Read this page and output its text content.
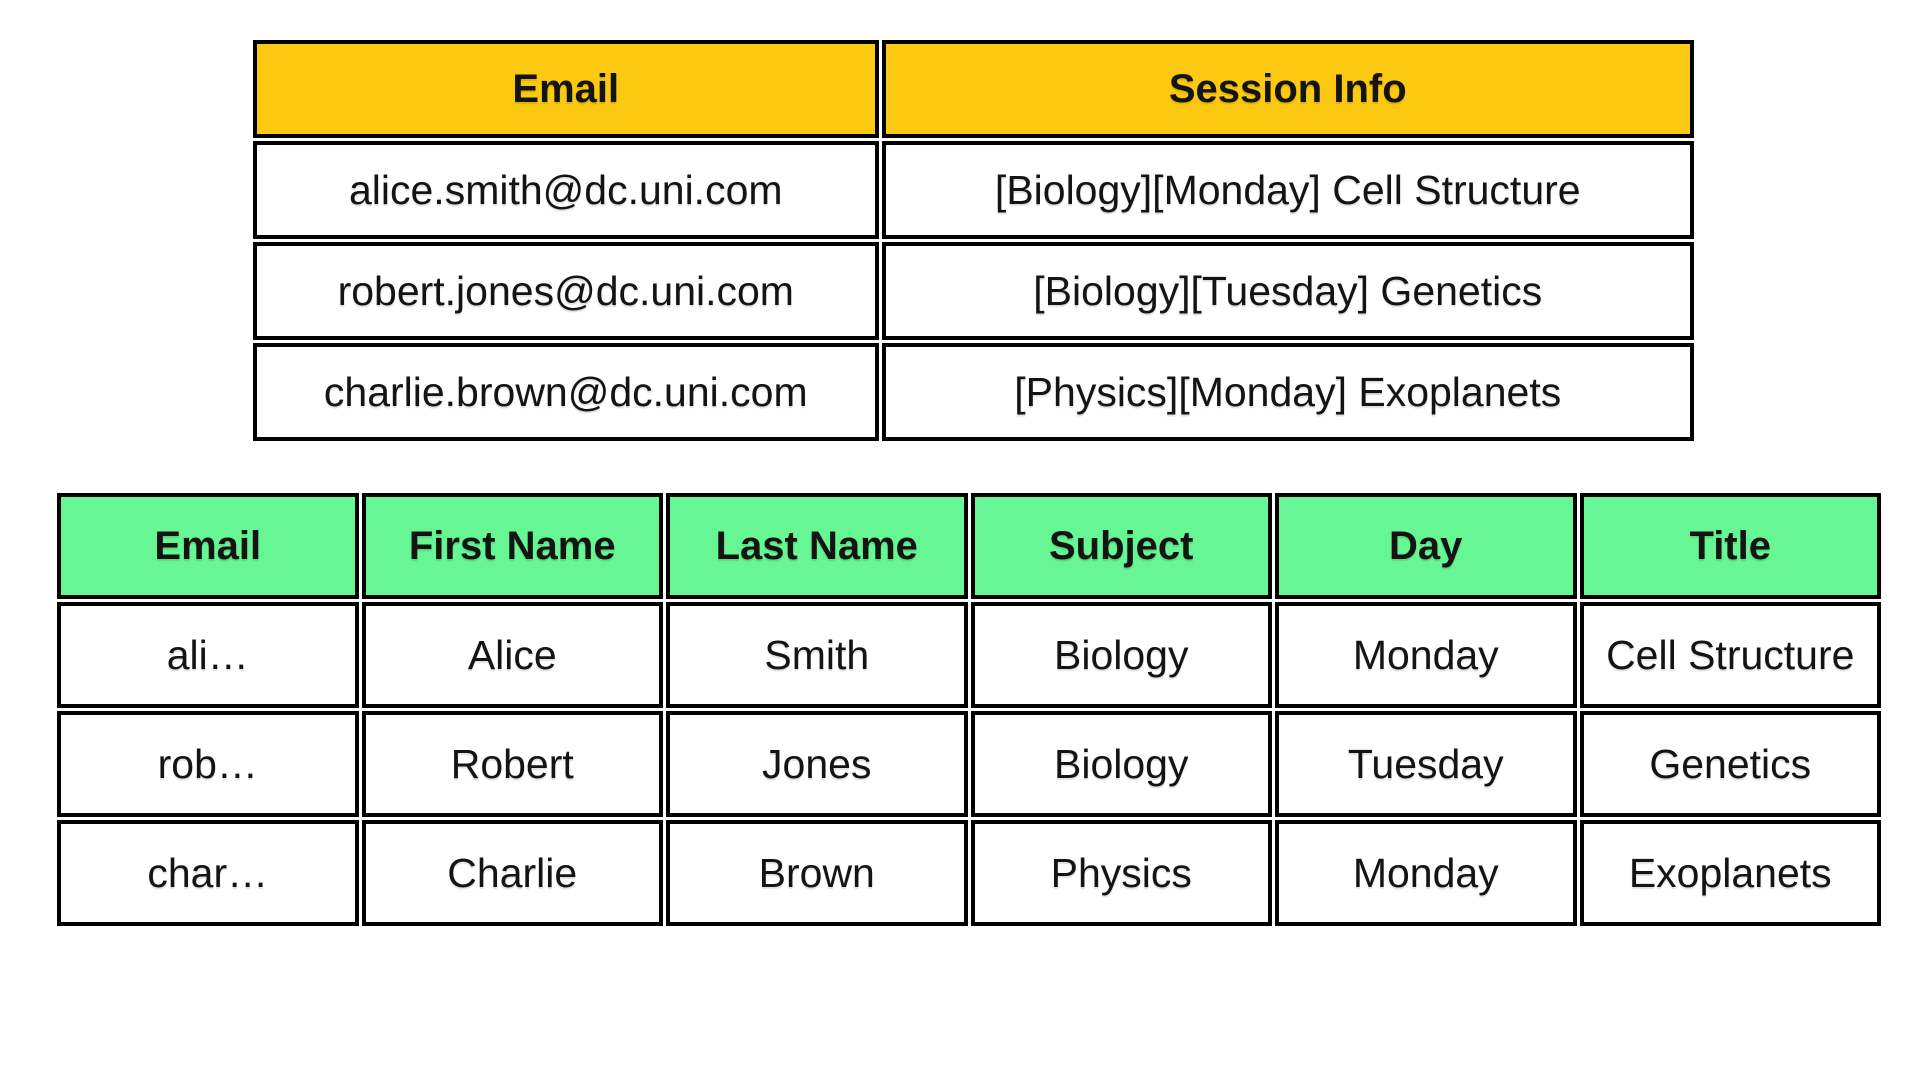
Email	Session Info
alice.smith@dc.uni.com	[Biology][Monday] Cell Structure
robert.jones@dc.uni.com	[Biology][Tuesday] Genetics
charlie.brown@dc.uni.com	[Physics][Monday] Exoplanets
Email	First Name	Last Name	Subject	Day	Title
ali…	Alice	Smith	Biology	Monday	Cell Structure
rob…	Robert	Jones	Biology	Tuesday	Genetics
char…	Charlie	Brown	Physics	Monday	Exoplanets
